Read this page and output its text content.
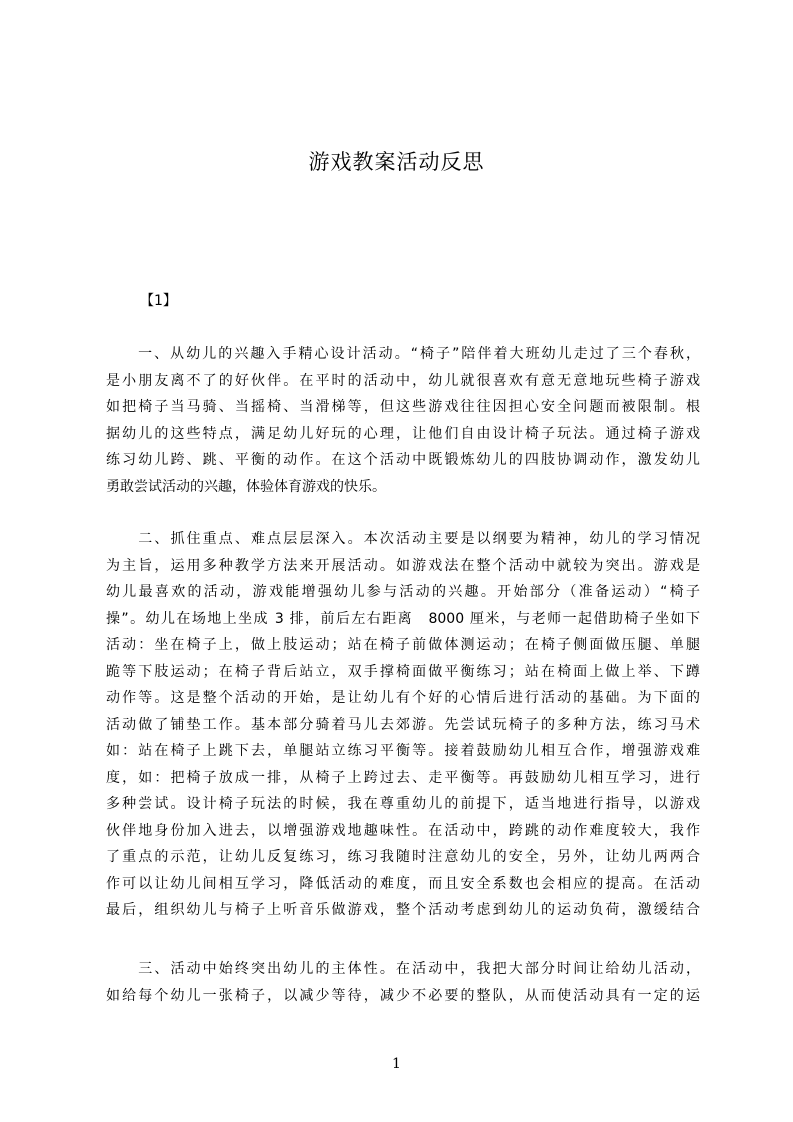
游戏教案活动反思
【1】
　　一、从幼儿的兴趣入手精心设计活动。“椅子”陪伴着大班幼儿走过了三个春秋，
是小朋友离不了的好伙伴。在平时的活动中，幼儿就很喜欢有意无意地玩些椅子游戏
如把椅子当马骑、当摇椅、当滑梯等，但这些游戏往往因担心安全问题而被限制。根
据幼儿的这些特点，满足幼儿好玩的心理，让他们自由设计椅子玩法。通过椅子游戏
练习幼儿跨、跳、平衡的动作。在这个活动中既锻炼幼儿的四肢协调动作，激发幼儿
勇敢尝试活动的兴趣，体验体育游戏的快乐。
　　二、抓住重点、难点层层深入。本次活动主要是以纲要为精神，幼儿的学习情况
为主旨，运用多种教学方法来开展活动。如游戏法在整个活动中就较为突出。游戏是
幼儿最喜欢的活动，游戏能增强幼儿参与活动的兴趣。开始部分（准备运动）“椅子
操”。幼儿在场地上坐成 3 排，前后左右距离　8000 厘米，与老师一起借助椅子坐如下
活动：坐在椅子上，做上肢运动；站在椅子前做体测运动；在椅子侧面做压腿、单腿
跪等下肢运动；在椅子背后站立，双手撑椅面做平衡练习；站在椅面上做上举、下蹲
动作等。这是整个活动的开始，是让幼儿有个好的心情后进行活动的基础。为下面的
活动做了铺垫工作。基本部分骑着马儿去郊游。先尝试玩椅子的多种方法，练习马术
如：站在椅子上跳下去，单腿站立练习平衡等。接着鼓励幼儿相互合作，增强游戏难
度，如：把椅子放成一排，从椅子上跨过去、走平衡等。再鼓励幼儿相互学习，进行
多种尝试。设计椅子玩法的时候，我在尊重幼儿的前提下，适当地进行指导，以游戏
伙伴地身份加入进去，以增强游戏地趣味性。在活动中，跨跳的动作难度较大，我作
了重点的示范，让幼儿反复练习，练习我随时注意幼儿的安全，另外，让幼儿两两合
作可以让幼儿间相互学习，降低活动的难度，而且安全系数也会相应的提高。在活动
最后，组织幼儿与椅子上听音乐做游戏，整个活动考虑到幼儿的运动负荷，激缓结合
　　三、活动中始终突出幼儿的主体性。在活动中，我把大部分时间让给幼儿活动，
如给每个幼儿一张椅子，以减少等待，减少不必要的整队，从而使活动具有一定的运
1
